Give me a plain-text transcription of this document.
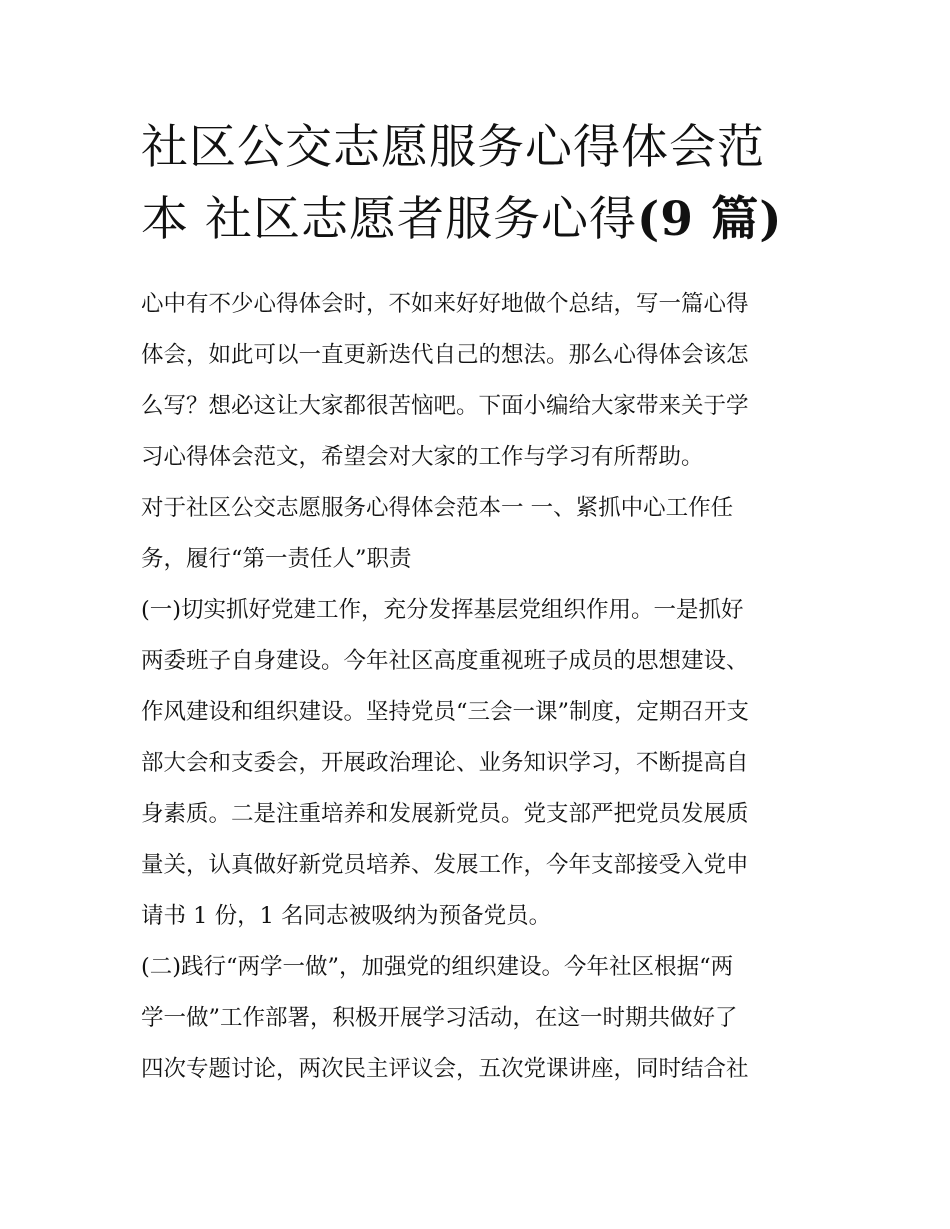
社区公交志愿服务心得体会范
本 社区志愿者服务心得(9 篇)

心中有不少心得体会时，不如来好好地做个总结，写一篇心得

体会，如此可以一直更新迭代自己的想法。那么心得体会该怎

么写？想必这让大家都很苦恼吧。下面小编给大家带来关于学

习心得体会范文，希望会对大家的工作与学习有所帮助。

对于社区公交志愿服务心得体会范本一 一、紧抓中心工作任

务，履行“第一责任人”职责

(一)切实抓好党建工作，充分发挥基层党组织作用。一是抓好

两委班子自身建设。今年社区高度重视班子成员的思想建设、

作风建设和组织建设。坚持党员“三会一课”制度，定期召开支

部大会和支委会，开展政治理论、业务知识学习，不断提高自

身素质。二是注重培养和发展新党员。党支部严把党员发展质

量关，认真做好新党员培养、发展工作，今年支部接受入党申

请书 1 份，1 名同志被吸纳为预备党员。

(二)践行“两学一做”，加强党的组织建设。今年社区根据“两

学一做”工作部署，积极开展学习活动，在这一时期共做好了

四次专题讨论，两次民主评议会，五次党课讲座，同时结合社
